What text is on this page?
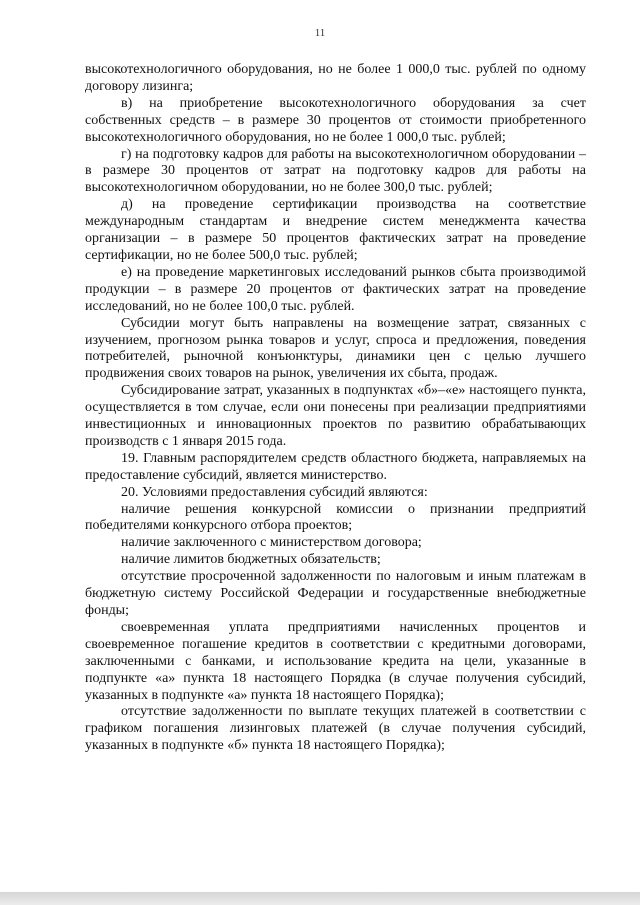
11

высокотехнологичного оборудования, но не более 1 000,0 тыс. рублей по одному договору лизинга;

в) на приобретение высокотехнологичного оборудования за счет собственных средств – в размере 30 процентов от стоимости приобретенного высокотехнологичного оборудования, но не более 1 000,0 тыс. рублей;

г) на подготовку кадров для работы на высокотехнологичном оборудовании – в размере 30 процентов от затрат на подготовку кадров для работы на высокотехнологичном оборудовании, но не более 300,0 тыс. рублей;

д) на проведение сертификации производства на соответствие международным стандартам и внедрение систем менеджмента качества организации – в размере 50 процентов фактических затрат на проведение сертификации, но не более 500,0 тыс. рублей;

е) на проведение маркетинговых исследований рынков сбыта производимой продукции – в размере 20 процентов от фактических затрат на проведение исследований, но не более 100,0 тыс. рублей.

Субсидии могут быть направлены на возмещение затрат, связанных с изучением, прогнозом рынка товаров и услуг, спроса и предложения, поведения потребителей, рыночной конъюнктуры, динамики цен с целью лучшего продвижения своих товаров на рынок, увеличения их сбыта, продаж.

Субсидирование затрат, указанных в подпунктах «б»–«е» настоящего пункта, осуществляется в том случае, если они понесены при реализации предприятиями инвестиционных и инновационных проектов по развитию обрабатывающих производств с 1 января 2015 года.

19. Главным распорядителем средств областного бюджета, направляемых на предоставление субсидий, является министерство.

20. Условиями предоставления субсидий являются:

наличие решения конкурсной комиссии о признании предприятий победителями конкурсного отбора проектов;

наличие заключенного с министерством договора;

наличие лимитов бюджетных обязательств;

отсутствие просроченной задолженности по налоговым и иным платежам в бюджетную систему Российской Федерации и государственные внебюджетные фонды;

своевременная уплата предприятиями начисленных процентов и своевременное погашение кредитов в соответствии с кредитными договорами, заключенными с банками, и использование кредита на цели, указанные в подпункте «а» пункта 18 настоящего Порядка (в случае получения субсидий, указанных в подпункте «а» пункта 18 настоящего Порядка);

отсутствие задолженности по выплате текущих платежей в соответствии с графиком погашения лизинговых платежей (в случае получения субсидий, указанных в подпункте «б» пункта 18 настоящего Порядка);
